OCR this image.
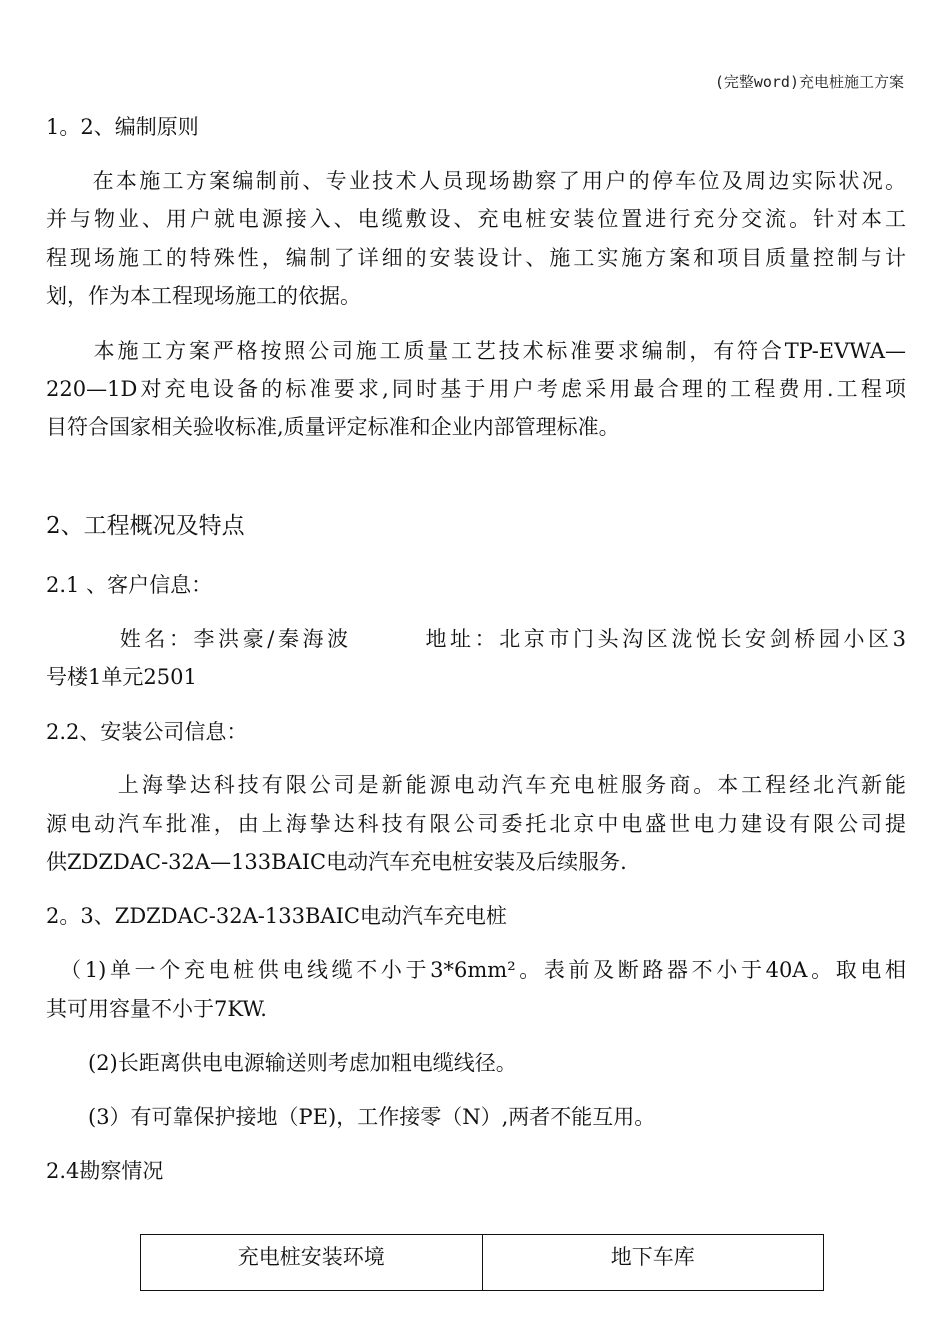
(完整word)充电桩施工方案
1。2、编制原则
　　在本施工方案编制前、专业技术人员现场勘察了用户的停车位及周边实际状况。
并与物业、用户就电源接入、电缆敷设、充电桩安装位置进行充分交流。针对本工
程现场施工的特殊性，编制了详细的安装设计、施工实施方案和项目质量控制与计
划，作为本工程现场施工的依据。
　　本施工方案严格按照公司施工质量工艺技术标准要求编制，有符合TP-EVWA—
220—1D对充电设备的标准要求,同时基于用户考虑采用最合理的工程费用.工程项
目符合国家相关验收标准,质量评定标准和企业内部管理标准。
2、工程概况及特点
2.1 、客户信息：
　　　姓名：李洪豪/秦海波　　　地址：北京市门头沟区泷悦长安剑桥园小区3
号楼1单元2501
2.2、安装公司信息：
　　　上海挚达科技有限公司是新能源电动汽车充电桩服务商。本工程经北汽新能
源电动汽车批准，由上海挚达科技有限公司委托北京中电盛世电力建设有限公司提
供ZDZDAC-32A—133BAIC电动汽车充电桩安装及后续服务.
2。3、ZDZDAC-32A-133BAIC电动汽车充电桩
　（1)单一个充电桩供电线缆不小于3*6mm²。表前及断路器不小于40A。取电相
其可用容量不小于7KW.
　　(2)长距离供电电源输送则考虑加粗电缆线径。
　　(3）有可靠保护接地（PE)，工作接零（N）,两者不能互用。
2.4勘察情况
充电桩安装环境	地下车库
